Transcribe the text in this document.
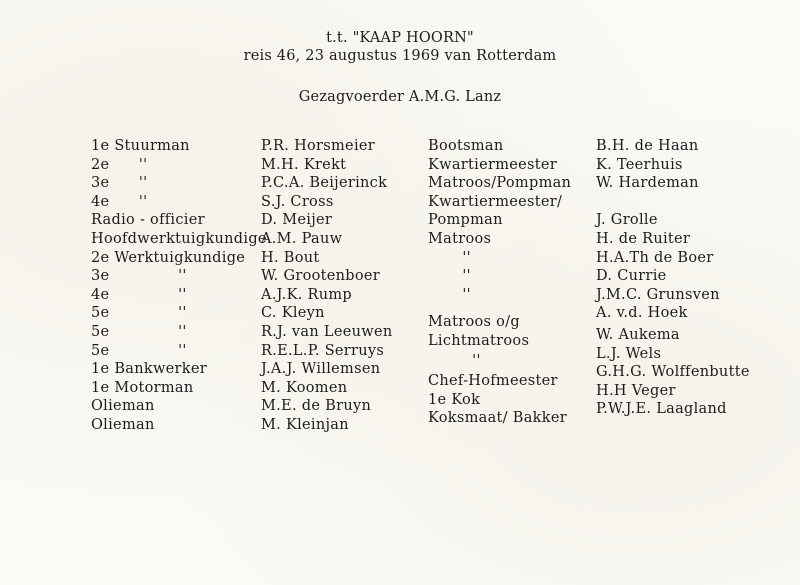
t.t. "KAAP HOORN"
reis 46, 23 augustus 1969 van Rotterdam
Gezagvoerder A.M.G. Lanz
1e Stuurman
2e      ''
3e      ''
4e      ''
Radio - officier
Hoofdwerktuigkundige
2e Werktuigkundige
3e              ''
4e              ''
5e              ''
5e              ''
5e              ''
1e Bankwerker
1e Motorman
Olieman
Olieman
P.R. Horsmeier
M.H. Krekt
P.C.A. Beijerinck
S.J. Cross
D. Meijer
A.M. Pauw
H. Bout
W. Grootenboer
A.J.K. Rump
C. Kleyn
R.J. van Leeuwen
R.E.L.P. Serruys
J.A.J. Willemsen
M. Koomen
M.E. de Bruyn
M. Kleinjan
Bootsman
Kwartiermeester
Matroos/Pompman
Kwartiermeester/
Pompman
Matroos
''
''
''
Matroos o/g
Lichtmatroos
''
Chef-Hofmeester
1e Kok
Koksmaat/ Bakker
B.H. de Haan
K. Teerhuis
W. Hardeman
J. Grolle
H. de Ruiter
H.A.Th de Boer
D. Currie
J.M.C. Grunsven
A. v.d. Hoek
W. Aukema
L.J. Wels
G.H.G. Wolffenbutte
H.H Veger
P.W.J.E. Laagland
